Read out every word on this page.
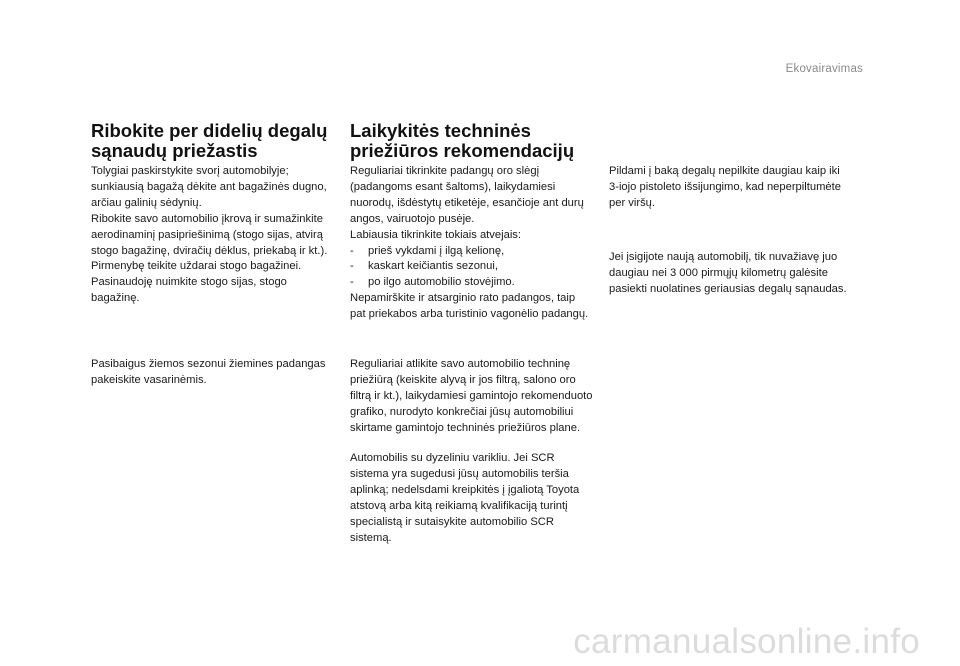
Ekovairavimas
Ribokite per didelių degalų
sąnaudų priežastis

Tolygiai paskirstykite svorį automobilyje;
sunkiausią bagažą dėkite ant bagažinės dugno,
arčiau galinių sėdynių.
Ribokite savo automobilio įkrovą ir sumažinkite
aerodinaminį pasipriešinimą (stogo sijas, atvirą
stogo bagažinę, dviračių dėklus, priekabą ir kt.).
Pirmenybę teikite uždarai stogo bagažinei.
Pasinaudoję nuimkite stogo sijas, stogo
bagažinę.

Pasibaigus žiemos sezonui žiemines padangas
pakeiskite vasarinėmis.

Laikykitės techninės
priežiūros rekomendacijų

Reguliariai tikrinkite padangų oro slėgį
(padangoms esant šaltoms), laikydamiesi
nuorodų, išdėstytų etiketėje, esančioje ant durų
angos, vairuotojo pusėje.
Labiausia tikrinkite tokiais atvejais:
- prieš vykdami į ilgą kelionę,
- kaskart keičiantis sezonui,
- po ilgo automobilio stovėjimo.
Nepamirškite ir atsarginio rato padangos, taip
pat priekabos arba turistinio vagonėlio padangų.

Reguliariai atlikite savo automobilio techninę
priežiūrą (keiskite alyvą ir jos filtrą, salono oro
filtrą ir kt.), laikydamiesi gamintojo rekomenduoto
grafiko, nurodyto konkrečiai jūsų automobiliui
skirtame gamintojo techninės priežiūros plane.

Automobilis su dyzeliniu varikliu. Jei SCR
sistema yra sugedusi jūsų automobilis teršia
aplinką; nedelsdami kreipkitės į įgaliotą Toyota
atstovą arba kitą reikiamą kvalifikaciją turintį
specialistą ir sutaisykite automobilio SCR
sistemą.

Pildami į baką degalų nepilkite daugiau kaip iki
3-iojo pistoleto išsijungimo, kad neperpiltumėte
per viršų.

Jei įsigijote naują automobilį, tik nuvažiavę juo
daugiau nei 3 000 pirmųjų kilometrų galėsite
pasiekti nuolatines geriausias degalų sąnaudas.

carmanualsonline.info
